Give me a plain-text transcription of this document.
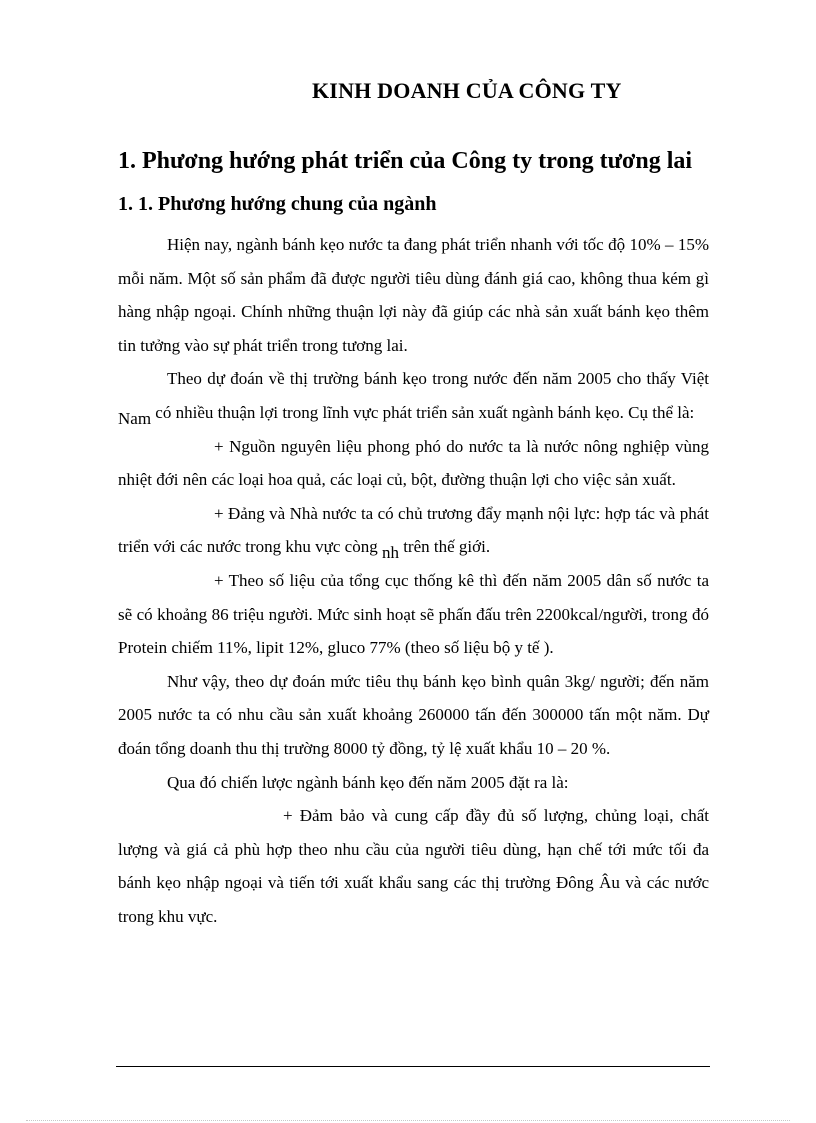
KINH DOANH CỦA CÔNG TY
1. Phương hướng phát triển của Công ty trong tương lai
1. 1. Phương hướng chung của ngành

Hiện nay, ngành bánh kẹo nước ta đang phát triển nhanh với tốc độ 10% – 15% mỗi năm. Một số sản phẩm đã được người tiêu dùng đánh giá cao, không thua kém gì hàng nhập ngoại. Chính những thuận lợi này đã giúp các nhà sản xuất bánh kẹo thêm tin tưởng vào sự phát triển trong tương lai.

Theo dự đoán về thị trường bánh kẹo trong nước đến năm 2005 cho thấy Việt Nam có nhiều thuận lợi trong lĩnh vực phát triển sản xuất ngành bánh kẹo. Cụ thể là:

+ Nguồn nguyên liệu phong phó do nước ta là nước nông nghiệp vùng nhiệt đới nên các loại hoa quả, các loại củ, bột, đường thuận lợi cho việc sản xuất.

+ Đảng và Nhà nước ta có chủ trương đẩy mạnh nội lực: hợp tác và phát triển với các nước trong khu vực còng nh trên thế giới.

+ Theo số liệu của tổng cục thống kê thì đến năm 2005 dân số nước ta sẽ có khoảng 86 triệu người. Mức sinh hoạt sẽ phấn đấu trên 2200kcal/người, trong đó Protein chiếm 11%, lipit 12%, gluco 77% (theo số liệu bộ y tế ).

Như vậy, theo dự đoán mức tiêu thụ bánh kẹo bình quân 3kg/ người; đến năm 2005 nước ta có nhu cầu sản xuất khoảng 260000 tấn đến 300000 tấn một năm. Dự đoán tổng doanh thu thị trường 8000 tỷ đồng, tỷ lệ xuất khẩu 10 – 20 %.

Qua đó chiến lược ngành bánh kẹo đến năm 2005 đặt ra là:

+ Đảm bảo và cung cấp đầy đủ số lượng, chủng loại, chất lượng và giá cả phù hợp theo nhu cầu của người tiêu dùng, hạn chế tới mức tối đa bánh kẹo nhập ngoại và tiến tới xuất khẩu sang các thị trường Đông Âu và các nước trong khu vực.
